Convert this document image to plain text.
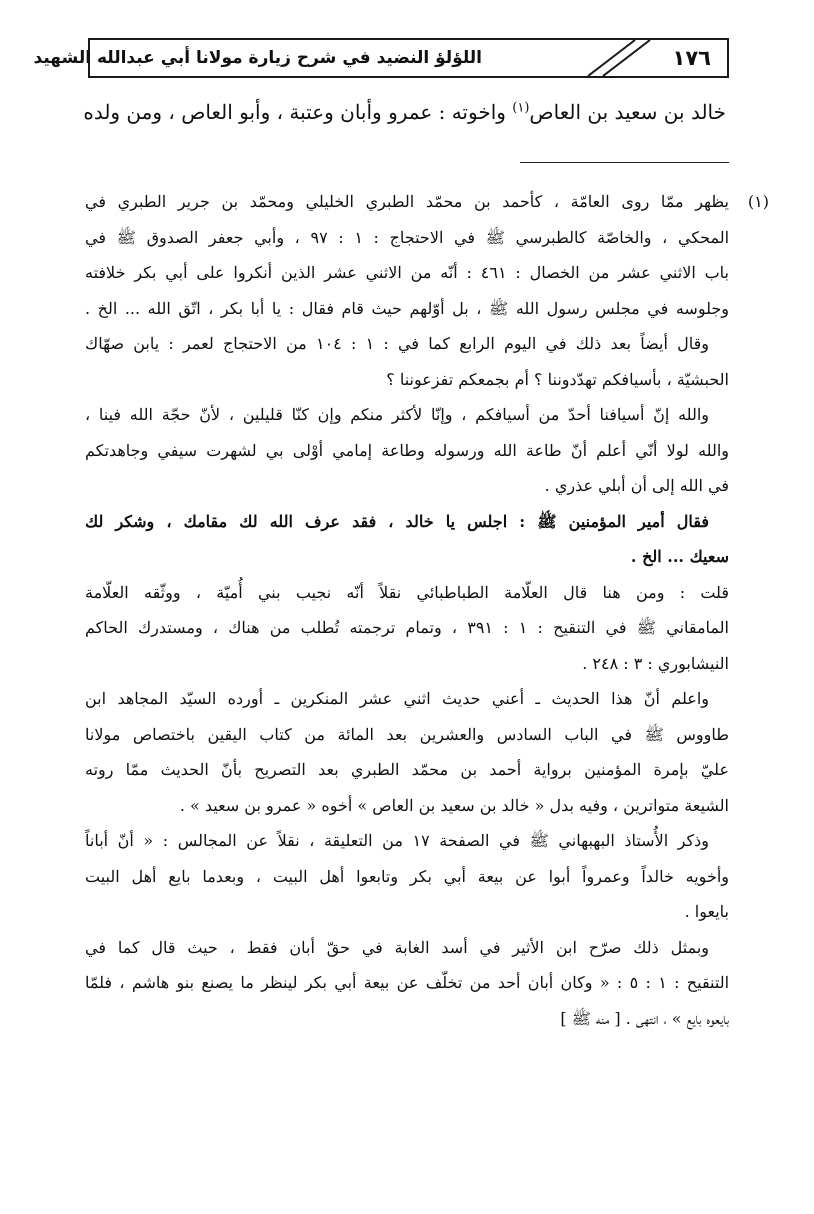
اللؤلؤ النضيد في شرح زيارة مولانا أبي عبدالله الشهيد	١٧٦
خالد بن سعيد بن العاص$^{(١)}$ واخوته : عمرو وأبان وعتبة ، وأبو العاص ، ومن ولده
(١)
يظهر ممّا روى العامّة ، كأحمد بن محمّد الطبري الخليلي ومحمّد بن جرير الطبري في
المحكي ، والخاصّة كالطبرسي ﷺ في الاحتجاج : ١ : ٩٧ ، وأبي جعفر الصدوق ﷺ في
باب الاثني عشر من الخصال : ٤٦١ : أنّه من الاثني عشر الذين أنكروا على أبي بكر خلافته
وجلوسه في مجلس رسول الله ﷺ ، بل أوّلهم حيث قام فقال : يا أبا بكر ، اتّق الله ... الخ .
وقال أيضاً بعد ذلك في اليوم الرابع كما في : ١ : ١٠٤ من الاحتجاج لعمر : يابن صهّاك
الحبشيّة ، بأسيافكم تهدّدوننا ؟ أم بجمعكم تفزعوننا ؟
والله إنّ أسيافنا أحدّ من أسيافكم ، وإنّا لأكثر منكم وإن كنّا قليلين ، لأنّ حجّة الله فينا ،
والله لولا أنّي أعلم أنّ طاعة الله ورسوله وطاعة إمامي أوْلى بي لشهرت سيفي وجاهدتكم
في الله إلى أن أبلي عذري .
فقال أمير المؤمنين ﷺ : اجلس يا خالد ، فقد عرف الله لك مقامك ، وشكر لك
سعيك ... الخ .
قلت : ومن هنا قال العلّامة الطباطبائي نقلاً أنّه نجيب بني أُميّة ، ووثّقه العلّامة
المامقاني ﷺ في التنقيح : ١ : ٣٩١ ، وتمام ترجمته تُطلب من هناك ، ومستدرك الحاكم
النيشابوري : ٣ : ٢٤٨ .
واعلم أنّ هذا الحديث ـ أعني حديث اثني عشر المنكرين ـ أورده السيّد المجاهد ابن
طاووس ﷺ في الباب السادس والعشرين بعد المائة من كتاب اليقين باختصاص مولانا
عليّ بإمرة المؤمنين برواية أحمد بن محمّد الطبري بعد التصريح بأنّ الحديث ممّا روته
الشيعة متواترين ، وفيه بدل « خالد بن سعيد بن العاص » أخوه « عمرو بن سعيد » .
وذكر الأُستاذ البهبهاني ﷺ في الصفحة ١٧ من التعليقة ، نقلاً عن المجالس : « أنّ أباناً
وأخويه خالداً وعمرواً أبوا عن بيعة أبي بكر وتابعوا أهل البيت ، وبعدما بايع أهل البيت
بايعوا .
وبمثل ذلك صرّح ابن الأثير في أسد الغابة في حقّ أبان فقط ، حيث قال كما في
التنقيح : ١ : ٥ : « وكان أبان أحد من تخلّف عن بيعة أبي بكر لينظر ما يصنع بنو هاشم ، فلمّا
بايعوه بايع » ، انتهى . [ منه ﷺ ]
